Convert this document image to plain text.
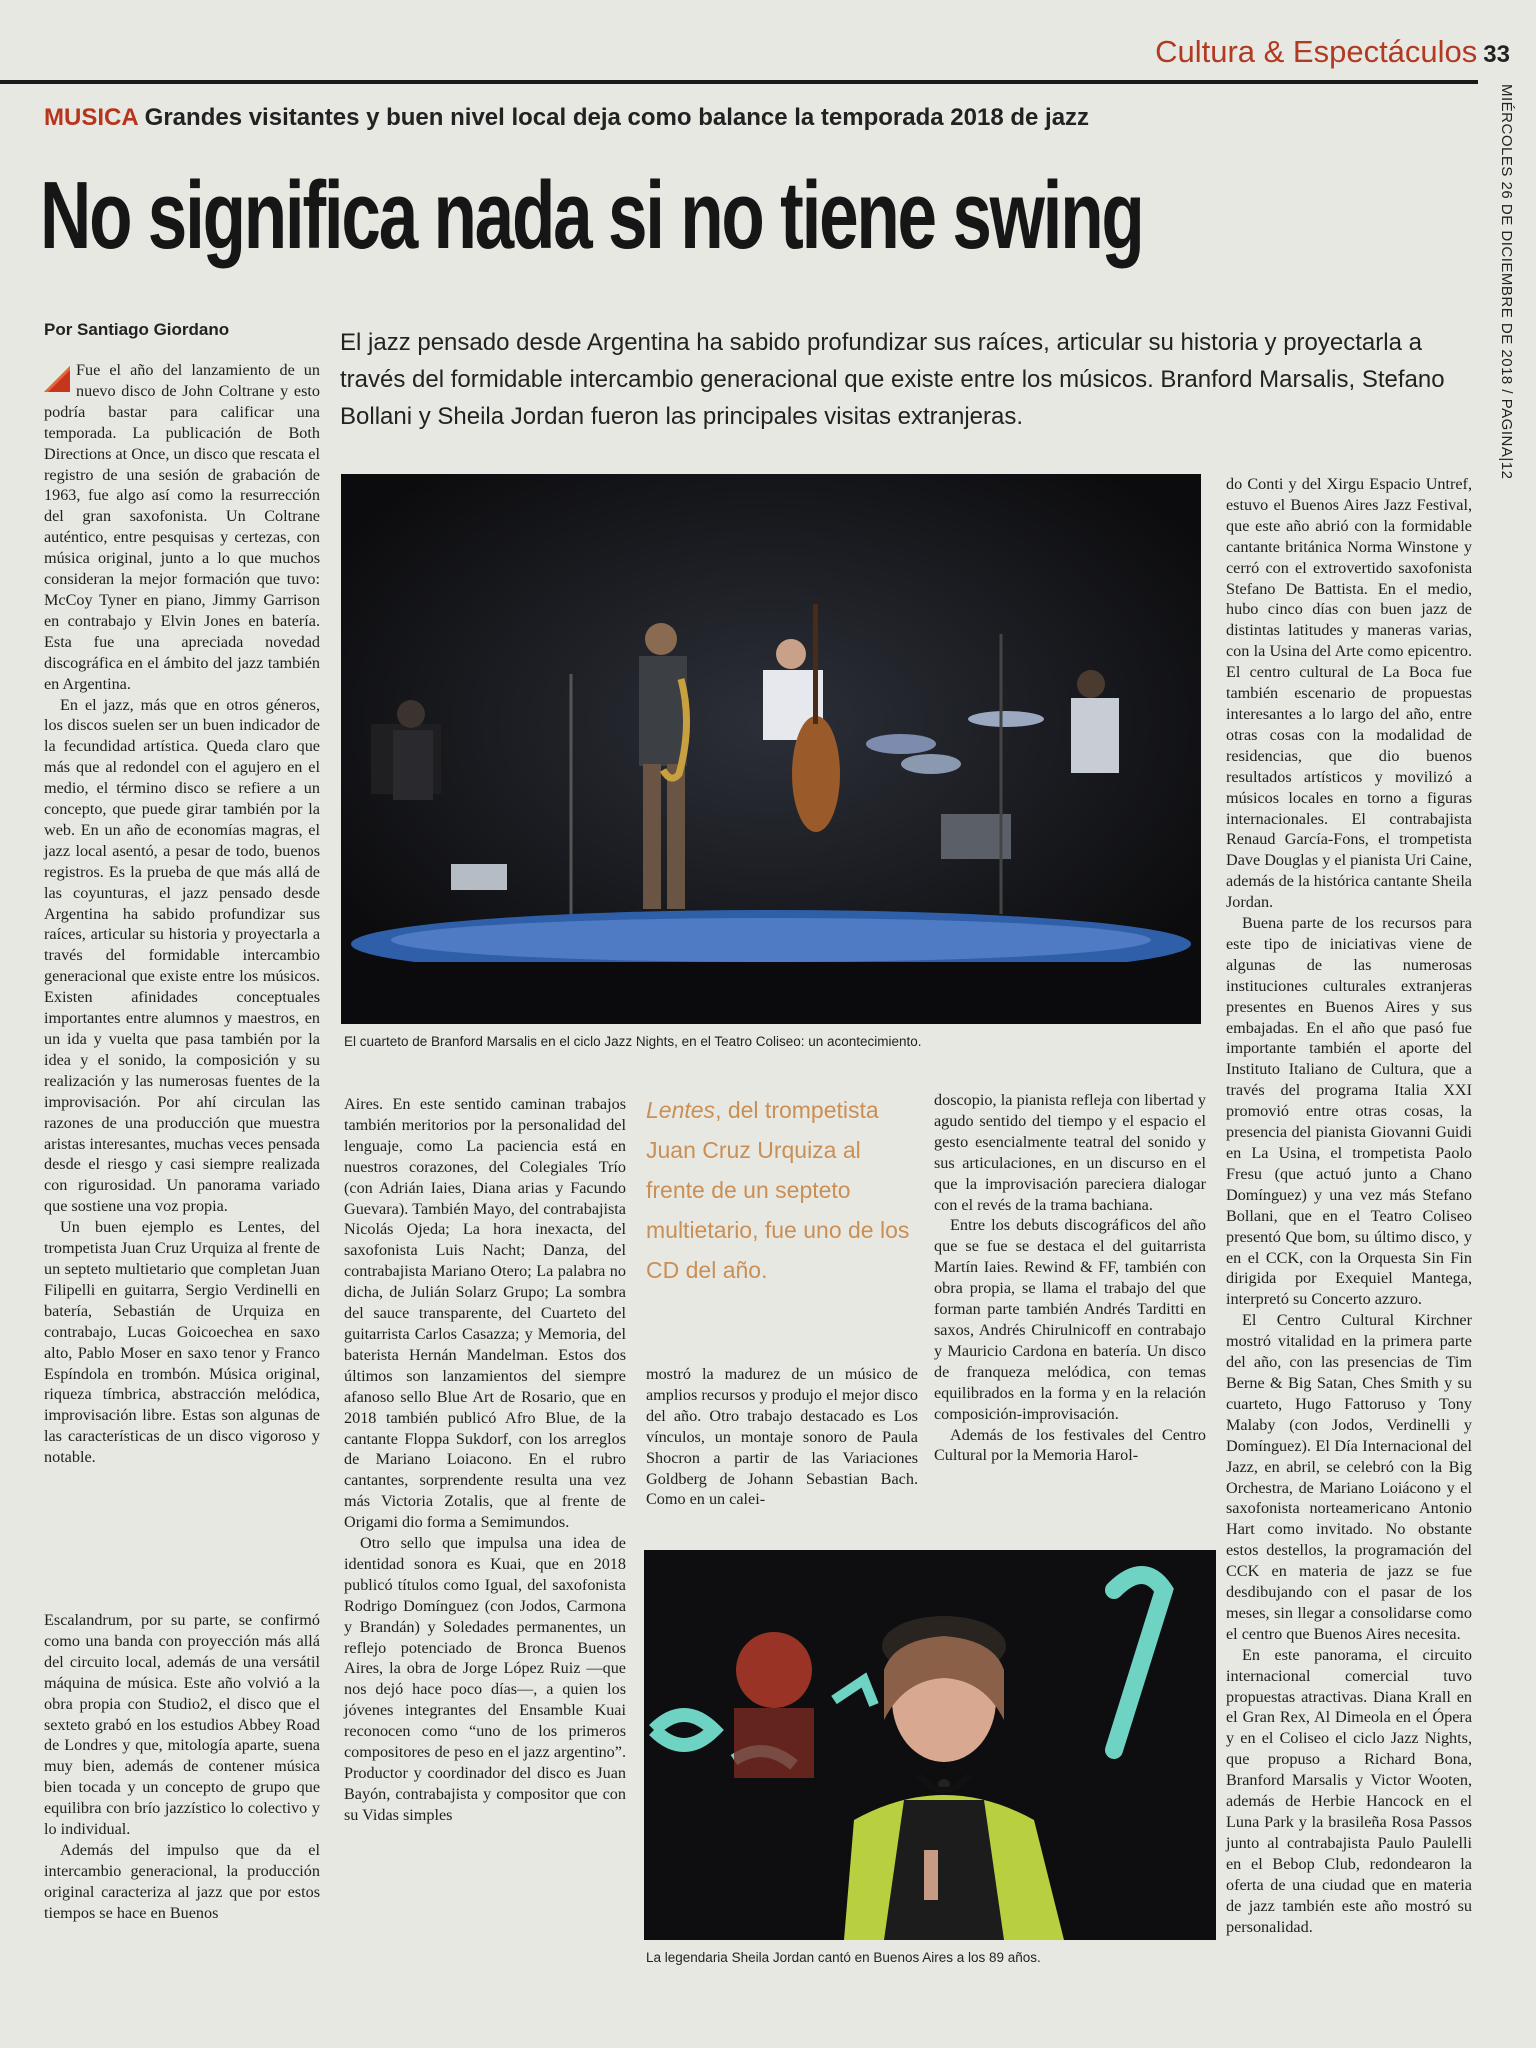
Cultura & Espectáculos 33
MIÉRCOLES 26 DE DICIEMBRE DE 2018 / PAGINA|12
MUSICA Grandes visitantes y buen nivel local deja como balance la temporada 2018 de jazz
No significa nada si no tiene swing
Por Santiago Giordano	El jazz pensado desde Argentina ha sabido profundizar sus raíces, articular su historia y proyectarla a través del formidable intercambio generacional que existe entre los músicos. Branford Marsalis, Stefano Bollani y Sheila Jordan fueron las principales visitas extranjeras.

Fue el año del lanzamiento de un nuevo disco de John Coltrane y esto podría bastar para calificar una temporada. La publicación de Both Directions at Once, un disco que rescata el registro de una sesión de grabación de 1963, fue algo así como la resurrección del gran saxofonista. Un Coltrane auténtico, entre pesquisas y certezas, con música original, junto a lo que muchos consideran la mejor formación que tuvo: McCoy Tyner en piano, Jimmy Garrison en contrabajo y Elvin Jones en batería. Esta fue una apreciada novedad discográfica en el ámbito del jazz también en Argentina.

En el jazz, más que en otros géneros, los discos suelen ser un buen indicador de la fecundidad artística. Queda claro que más que al redondel con el agujero en el medio, el término disco se refiere a un concepto, que puede girar también por la web. En un año de economías magras, el jazz local asentó, a pesar de todo, buenos registros. Es la prueba de que más allá de las coyunturas, el jazz pensado desde Argentina ha sabido profundizar sus raíces, articular su historia y proyectarla a través del formidable intercambio generacional que existe entre los músicos. Existen afinidades conceptuales importantes entre alumnos y maestros, en un ida y vuelta que pasa también por la idea y el sonido, la composición y su realización y las numerosas fuentes de la improvisación. Por ahí circulan las razones de una producción que muestra aristas interesantes, muchas veces pensada desde el riesgo y casi siempre realizada con rigurosidad. Un panorama variado que sostiene una voz propia.

Un buen ejemplo es Lentes, del trompetista Juan Cruz Urquiza al frente de un septeto multietario que completan Juan Filipelli en guitarra, Sergio Verdinelli en batería, Sebastián de Urquiza en contrabajo, Lucas Goicoechea en saxo alto, Pablo Moser en saxo tenor y Franco Espíndola en trombón. Música original, riqueza tímbrica, abstracción melódica, improvisación libre. Estas son algunas de las características de un disco vigoroso y notable.

El cuarteto de Branford Marsalis en el ciclo Jazz Nights, en el Teatro Coliseo: un acontecimiento.

Aires. En este sentido caminan trabajos también meritorios por la personalidad del lenguaje, como La paciencia está en nuestros corazones, del Colegiales Trío (con Adrián Iaies, Diana arias y Facundo Guevara). También Mayo, del contrabajista Nicolás Ojeda; La hora inexacta, del saxofonista Luis Nacht; Danza, del contrabajista Mariano Otero; La palabra no dicha, de Julián Solarz Grupo; La sombra del sauce transparente, del Cuarteto del guitarrista Carlos Casazza; y Memoria, del baterista Hernán Mandelman. Estos dos últimos son lanzamientos del siempre afanoso sello Blue Art de Rosario, que en 2018 también publicó Afro Blue, de la cantante Floppa Sukdorf, con los arreglos de Mariano Loiacono. En el rubro cantantes, sorprendente resulta una vez más Victoria Zotalis, que al frente de Origami dio forma a Semimundos.

Otro sello que impulsa una idea de identidad sonora es Kuai, que en 2018 publicó títulos como Igual, del saxofonista Rodrigo Domínguez (con Jodos, Carmona y Brandán) y Soledades permanentes, un reflejo potenciado de Bronca Buenos Aires, la obra de Jorge López Ruiz —que nos dejó hace poco días—, a quien los jóvenes integrantes del Ensamble Kuai reconocen como “uno de los primeros compositores de peso en el jazz argentino”. Productor y coordinador del disco es Juan Bayón, contrabajista y compositor que con su Vidas simples

Lentes, del trompetista Juan Cruz Urquiza al frente de un septeto multietario, fue uno de los CD del año.

mostró la madurez de un músico de amplios recursos y produjo el mejor disco del año. Otro trabajo destacado es Los vínculos, un montaje sonoro de Paula Shocron a partir de las Variaciones Goldberg de Johann Sebastian Bach. Como en un calei-

doscopio, la pianista refleja con libertad y agudo sentido del tiempo y el espacio el gesto esencialmente teatral del sonido y sus articulaciones, en un discurso en el que la improvisación pareciera dialogar con el revés de la trama bachiana.

Entre los debuts discográficos del año que se fue se destaca el del guitarrista Martín Iaies. Rewind & FF, también con obra propia, se llama el trabajo del que forman parte también Andrés Tarditti en saxos, Andrés Chirulnicoff en contrabajo y Mauricio Cardona en batería. Un disco de franqueza melódica, con temas equilibrados en la forma y en la relación composición-improvisación.

Además de los festivales del Centro Cultural por la Memoria Harol-

do Conti y del Xirgu Espacio Untref, estuvo el Buenos Aires Jazz Festival, que este año abrió con la formidable cantante británica Norma Winstone y cerró con el extrovertido saxofonista Stefano De Battista. En el medio, hubo cinco días con buen jazz de distintas latitudes y maneras varias, con la Usina del Arte como epicentro. El centro cultural de La Boca fue también escenario de propuestas interesantes a lo largo del año, entre otras cosas con la modalidad de residencias, que dio buenos resultados artísticos y movilizó a músicos locales en torno a figuras internacionales. El contrabajista Renaud García-Fons, el trompetista Dave Douglas y el pianista Uri Caine, además de la histórica cantante Sheila Jordan.

Buena parte de los recursos para este tipo de iniciativas viene de algunas de las numerosas instituciones culturales extranjeras presentes en Buenos Aires y sus embajadas. En el año que pasó fue importante también el aporte del Instituto Italiano de Cultura, que a través del programa Italia XXI promovió entre otras cosas, la presencia del pianista Giovanni Guidi en La Usina, el trompetista Paolo Fresu (que actuó junto a Chano Domínguez) y una vez más Stefano Bollani, que en el Teatro Coliseo presentó Que bom, su último disco, y en el CCK, con la Orquesta Sin Fin dirigida por Exequiel Mantega, interpretó su Concerto azzuro.

El Centro Cultural Kirchner mostró vitalidad en la primera parte del año, con las presencias de Tim Berne & Big Satan, Ches Smith y su cuarteto, Hugo Fattoruso y Tony Malaby (con Jodos, Verdinelli y Domínguez). El Día Internacional del Jazz, en abril, se celebró con la Big Orchestra, de Mariano Loiácono y el saxofonista norteamericano Antonio Hart como invitado. No obstante estos destellos, la programación del CCK en materia de jazz se fue desdibujando con el pasar de los meses, sin llegar a consolidarse como el centro que Buenos Aires necesita.

En este panorama, el circuito internacional comercial tuvo propuestas atractivas. Diana Krall en el Gran Rex, Al Dimeola en el Ópera y en el Coliseo el ciclo Jazz Nights, que propuso a Richard Bona, Branford Marsalis y Victor Wooten, además de Herbie Hancock en el Luna Park y la brasileña Rosa Passos junto al contrabajista Paulo Paulelli en el Bebop Club, redondearon la oferta de una ciudad que en materia de jazz también este año mostró su personalidad.

Escalandrum, por su parte, se confirmó como una banda con proyección más allá del circuito local, además de una versátil máquina de música. Este año volvió a la obra propia con Studio2, el disco que el sexteto grabó en los estudios Abbey Road de Londres y que, mitología aparte, suena muy bien, además de contener música bien tocada y un concepto de grupo que equilibra con brío jazzístico lo colectivo y lo individual.

Además del impulso que da el intercambio generacional, la producción original caracteriza al jazz que por estos tiempos se hace en Buenos

La legendaria Sheila Jordan cantó en Buenos Aires a los 89 años.
